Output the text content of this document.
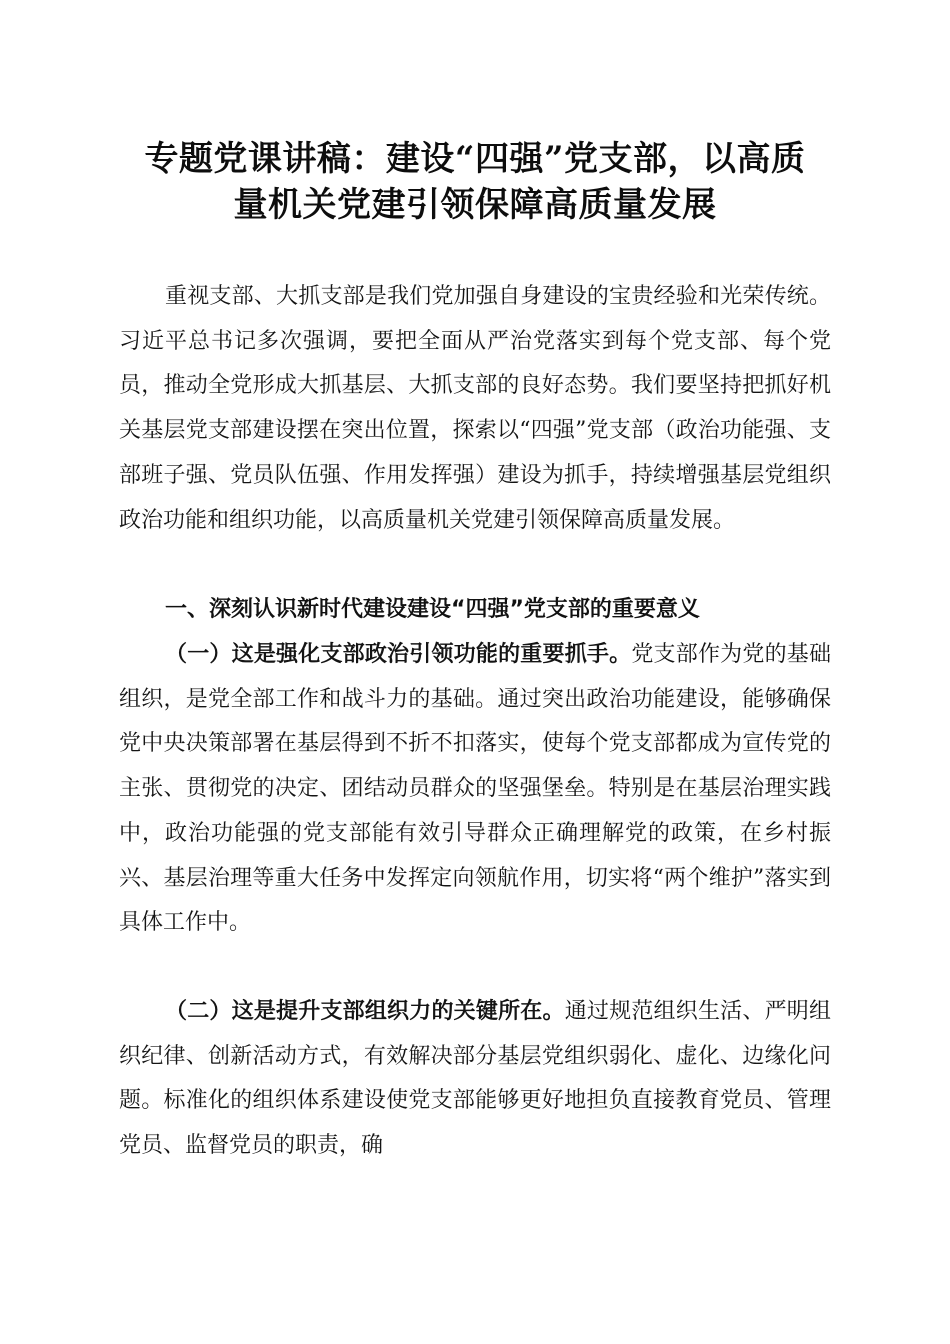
专题党课讲稿：建设“四强”党支部，以高质
量机关党建引领保障高质量发展

重视支部、大抓支部是我们党加强自身建设的宝贵经验和光荣传统。习近平总书记多次强调，要把全面从严治党落实到每个党支部、每个党员，推动全党形成大抓基层、大抓支部的良好态势。我们要坚持把抓好机关基层党支部建设摆在突出位置，探索以“四强”党支部（政治功能强、支部班子强、党员队伍强、作用发挥强）建设为抓手，持续增强基层党组织政治功能和组织功能，以高质量机关党建引领保障高质量发展。

一、深刻认识新时代建设建设“四强”党支部的重要意义

（一）这是强化支部政治引领功能的重要抓手。党支部作为党的基础组织，是党全部工作和战斗力的基础。通过突出政治功能建设，能够确保党中央决策部署在基层得到不折不扣落实，使每个党支部都成为宣传党的主张、贯彻党的决定、团结动员群众的坚强堡垒。特别是在基层治理实践中，政治功能强的党支部能有效引导群众正确理解党的政策，在乡村振兴、基层治理等重大任务中发挥定向领航作用，切实将“两个维护”落实到具体工作中。

（二）这是提升支部组织力的关键所在。通过规范组织生活、严明组织纪律、创新活动方式，有效解决部分基层党组织弱化、虚化、边缘化问题。标准化的组织体系建设使党支部能够更好地担负直接教育党员、管理党员、监督党员的职责，确
